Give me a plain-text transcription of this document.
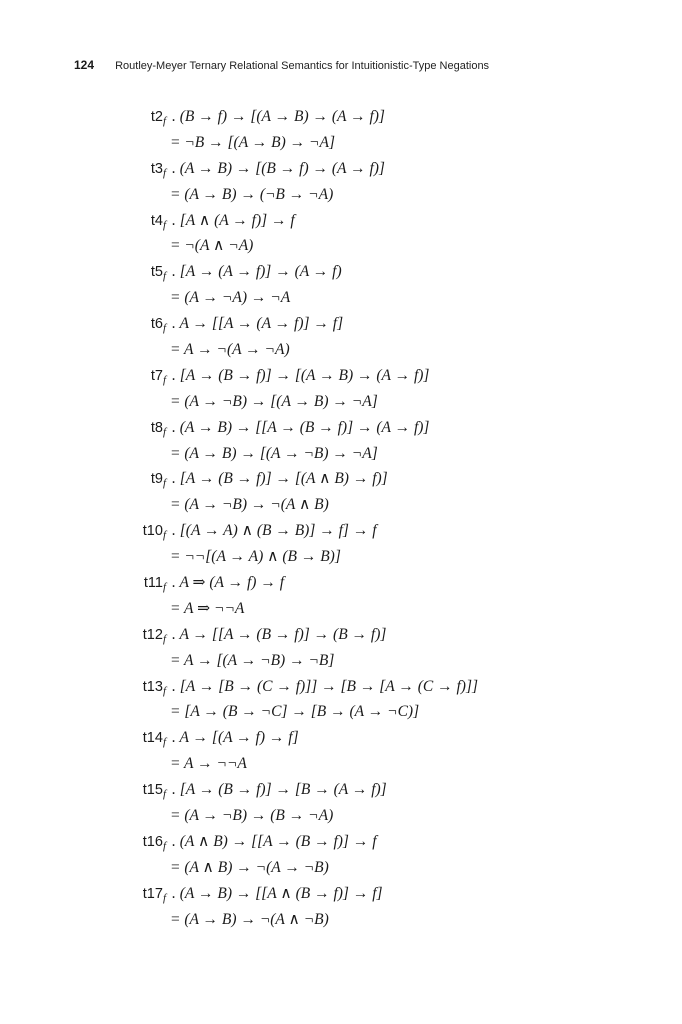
124 Routley-Meyer Ternary Relational Semantics for Intuitionistic-Type Negations
$t2_f$ . (B → f) → [(A → B) → (A → f)]
= ¬B → [(A → B) → ¬A]
$t3_f$ . (A → B) → [(B → f) → (A → f)]
= (A → B) → (¬B → ¬A)
$t4_f$ . [A ∧ (A → f)] → f
= ¬(A ∧ ¬A)
$t5_f$ . [A → (A → f)] → (A → f)
= (A → ¬A) → ¬A
$t6_f$ . A → [[A → (A → f)] → f]
= A → ¬(A → ¬A)
$t7_f$ . [A → (B → f)] → [(A → B) → (A → f)]
= (A → ¬B) → [(A → B) → ¬A]
$t8_f$ . (A → B) → [[A → (B → f)] → (A → f)]
= (A → B) → [(A → ¬B) → ¬A]
$t9_f$ . [A → (B → f)] → [(A ∧ B) → f)]
= (A → ¬B) → ¬(A ∧ B)
$t10_f$ . [(A → A) ∧ (B → B)] → f] → f
= ¬¬[(A → A) ∧ (B → B)]
$t11_f$ . A ⇒ (A → f) → f
= A ⇒ ¬¬A
$t12_f$ . A → [[A → (B → f)] → (B → f)]
= A → [(A → ¬B) → ¬B]
$t13_f$ . [A → [B → (C → f)]] → [B → [A → (C → f)]]
= [A → (B → ¬C] → [B → (A → ¬C)]
$t14_f$ . A → [(A → f) → f]
= A → ¬¬A
$t15_f$ . [A → (B → f)] → [B → (A → f)]
= (A → ¬B) → (B → ¬A)
$t16_f$ . (A ∧ B) → [[A → (B → f)] → f
= (A ∧ B) → ¬(A → ¬B)
$t17_f$ . (A → B) → [[A ∧ (B → f)] → f]
= (A → B) → ¬(A ∧ ¬B)
